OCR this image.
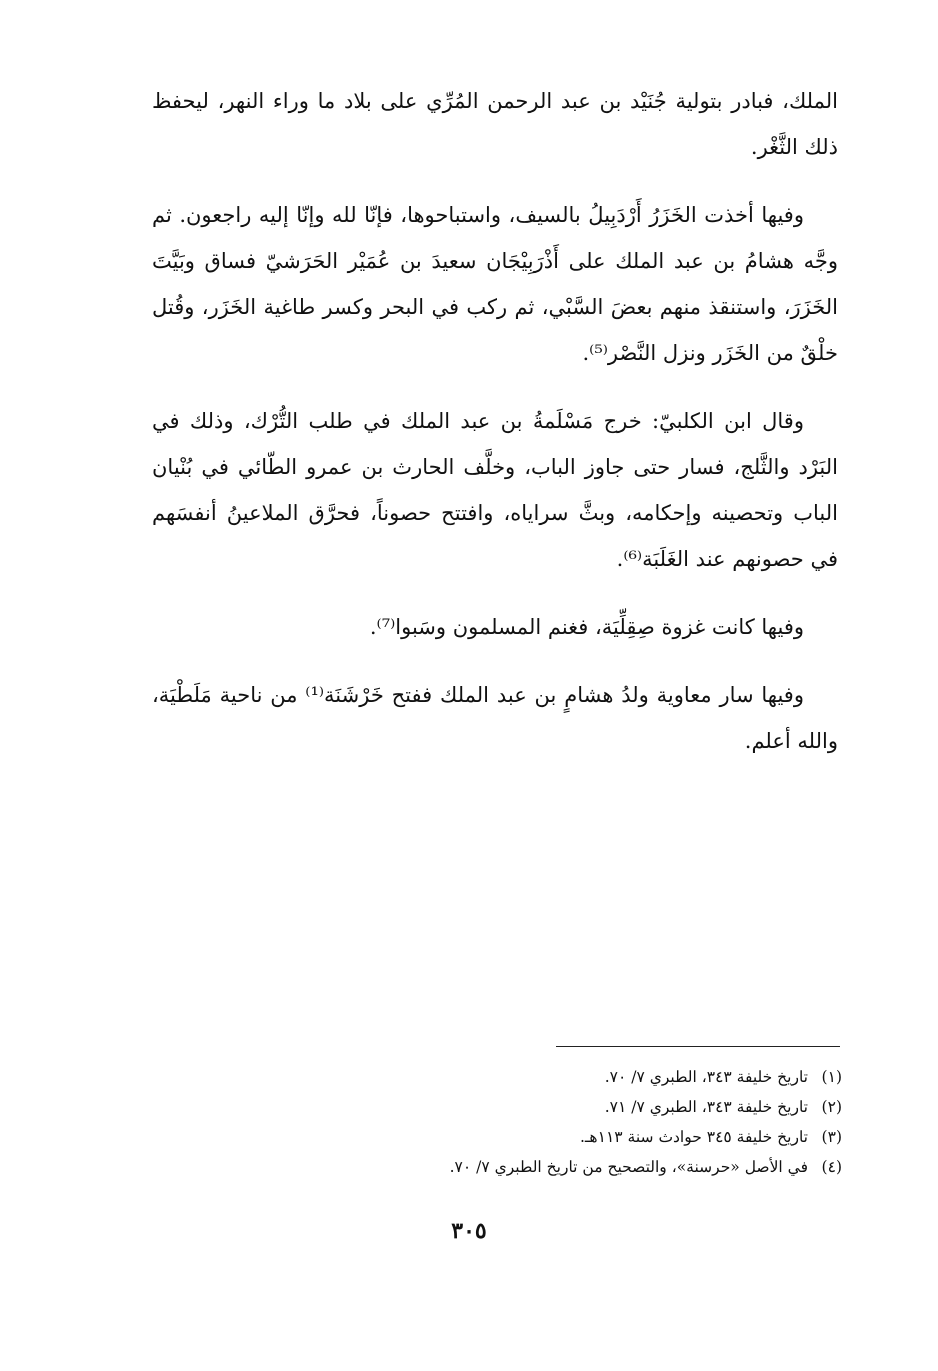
الملك، فبادر بتولية جُنَيْد بن عبد الرحمن المُرِّي على بلاد ما وراء النهر، ليحفظ ذلك الثَّغْر.

وفيها أخذت الخَزَرُ أَرْدَبِيلُ بالسيف، واستباحوها، فإنّا لله وإنّا إليه راجعون. ثم وجَّه هشامُ بن عبد الملك على أَذْرَبِيْجَان سعيدَ بن عُمَيْر الحَرَشيّ فساق وبَيَّتَ الخَزَرَ، واستنقذ منهم بعضَ السَّبْي، ثم ركب في البحر وكسر طاغية الخَزَر، وقُتل خلْقٌ من الخَزَر ونزل النَّصْر⁽⁵⁾.

وقال ابن الكلبيّ: خرج مَسْلَمةُ بن عبد الملك في طلب التُّرْك، وذلك في البَرْد والثَّلج، فسار حتى جاوز الباب، وخلَّف الحارث بن عمرو الطّائي في بُنْيان الباب وتحصينه وإحكامه، وبثَّ سراياه، وافتتح حصوناً، فحرَّق الملاعينُ أنفسَهم في حصونهم عند الغَلَبَة⁽⁶⁾.

وفيها كانت غزوة صِقِلِّيَة، فغنم المسلمون وسَبوا⁽⁷⁾.

وفيها سار معاوية ولدُ هشامٍ بن عبد الملك ففتح خَرْشَنَة⁽¹⁾ من ناحية مَلَطْيَة، والله أعلم.

(١)
تاريخ خليفة ٣٤٣، الطبري ٧/ ٧٠.
(٢)
تاريخ خليفة ٣٤٣، الطبري ٧/ ٧١.
(٣)
تاريخ خليفة ٣٤٥ حوادث سنة ١١٣هـ.
(٤)
في الأصل «حرسنة»، والتصحيح من تاريخ الطبري ٧/ ٧٠.
٣٠٥
